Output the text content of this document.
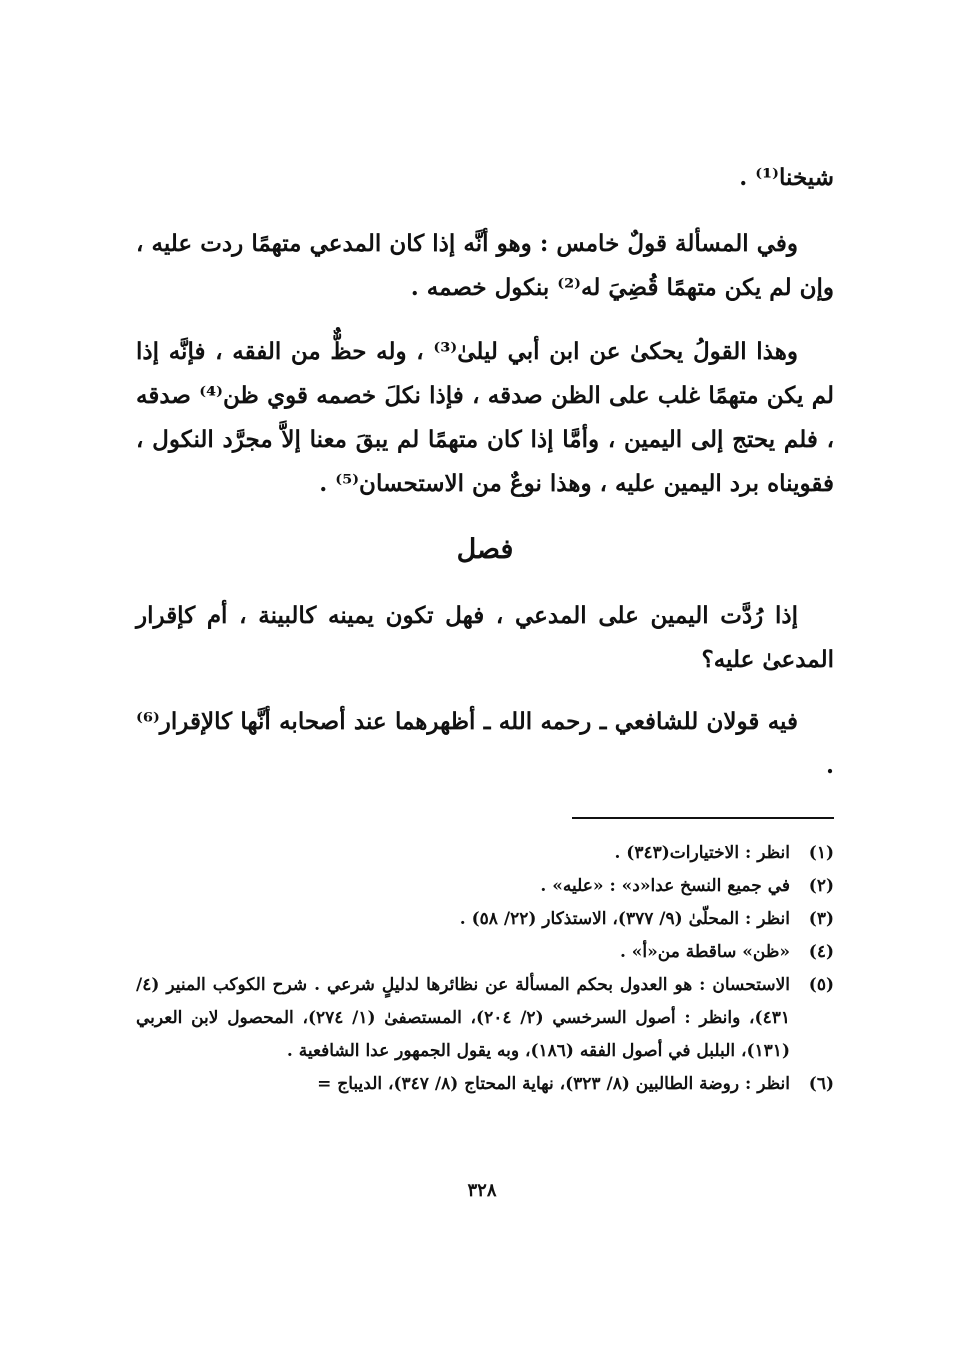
شيخنا⁽¹⁾ .

وفي المسألة قولٌ خامس : وهو أنَّه إذا كان المدعي متهمًا ردت عليه ، وإن لم يكن متهمًا قُضِيَ له⁽²⁾ بنكول خصمه .

وهذا القولُ يحكىٰ عن ابن أبي ليلىٰ⁽³⁾ ، وله حظٌّ من الفقه ، فإنَّه إذا لم يكن متهمًا غلب على الظن صدقه ، فإذا نكلَ خصمه قوي ظن⁽⁴⁾ صدقه ، فلم يحتج إلى اليمين ، وأمَّا إذا كان متهمًا لم يبقَ معنا إلاَّ مجرَّد النكول ، فقويناه برد اليمين عليه ، وهذا نوعٌ من الاستحسان⁽⁵⁾ .

فصل

إذا رُدَّت اليمين على المدعي ، فهل تكون يمينه كالبينة ، أم كإقرار المدعىٰ عليه؟

فيه قولان للشافعي ـ رحمه الله ـ أظهرهما عند أصحابه أنَّها كالإقرار⁽⁶⁾ .

(١)
انظر : الاختيارات(٣٤٣) .
(٢)
في جميع النسخ عدا«د» : «عليه» .
(٣)
انظر : المحلّىٰ (٩/ ٣٧٧)، الاستذكار (٢٢/ ٥٨) .
(٤)
«ظن» ساقطة من«أ» .
(٥)
الاستحسان : هو العدول بحكم المسألة عن نظائرها لدليلٍ شرعي . شرح الكوكب المنير (٤/ ٤٣١)، وانظر : أصول السرخسي (٢/ ٢٠٤)، المستصفىٰ (١/ ٢٧٤)، المحصول لابن العربي (١٣١)، البلبل في أصول الفقه (١٨٦)، وبه يقول الجمهور عدا الشافعية .
(٦)
انظر : روضة الطالبين (٨/ ٣٢٣)، نهاية المحتاج (٨/ ٣٤٧)، الديباج =
٣٢٨
